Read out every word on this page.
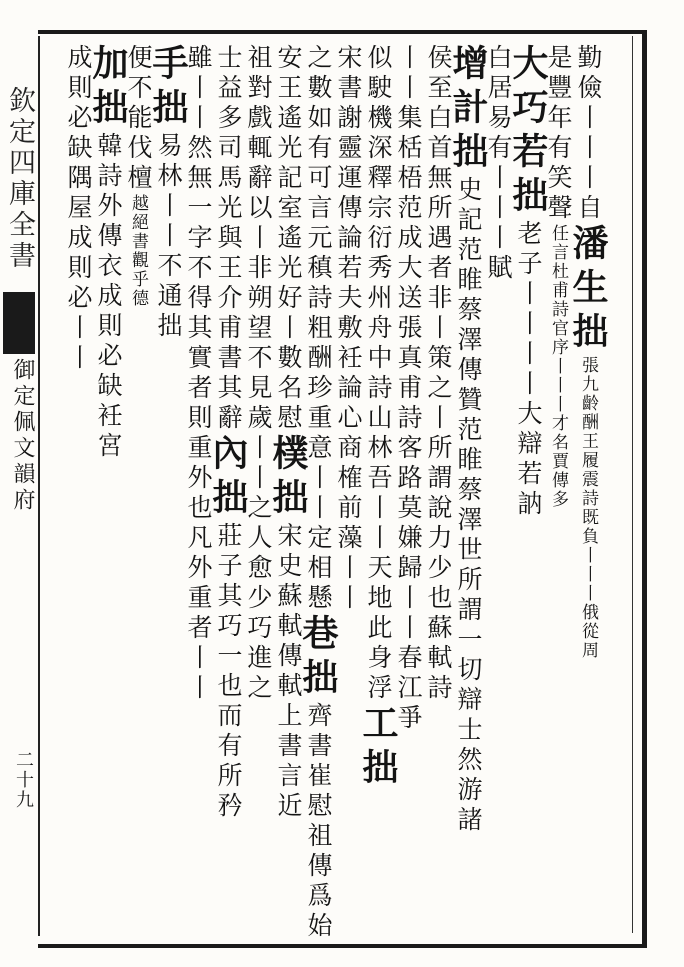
欽定四庫全書
御定佩文韻府
二十九
勤儉丨丨丨自潘生拙張九齡酬王履震詩既負丨丨丨俄從周
是豐年有笑聲任言杜甫詩官序丨丨丨才名賈傳多
大巧若拙老子丨丨丨丨大辯若訥
白居易有丨丨丨賦
增計拙史記范睢蔡澤傳贊范睢蔡澤世所謂一切辯士然游諸
侯至白首無所遇者非丨策之丨所謂說力少也蘇軾詩
丨丨集栝梧范成大送張真甫詩客路莫嫌歸丨丨春江爭
似駛機深釋宗衍秀州舟中詩山林吾丨丨天地此身浮工拙
宋書謝靈運傳論若夫敷衽論心商榷前藻丨丨
之數如有可言元稹詩粗酬珍重意丨丨定相懸巷拙齊書崔慰祖傳爲始
安王遙光記室遙光好丨數名慰樸拙宋史蘇軾傳軾上書言近
祖對戲輒辭以丨非朔望不見歲丨丨之人愈少巧進之
士益多司馬光與王介甫書其辭內拙莊子其巧一也而有所矜
雖丨丨然無一字不得其實者則重外也凡外重者丨丨
手拙易林丨丨不通拙
便不能伐檀越絕書觀乎德
加拙韓詩外傳衣成則必缺衽宮
成則必缺隅屋成則必丨丨
